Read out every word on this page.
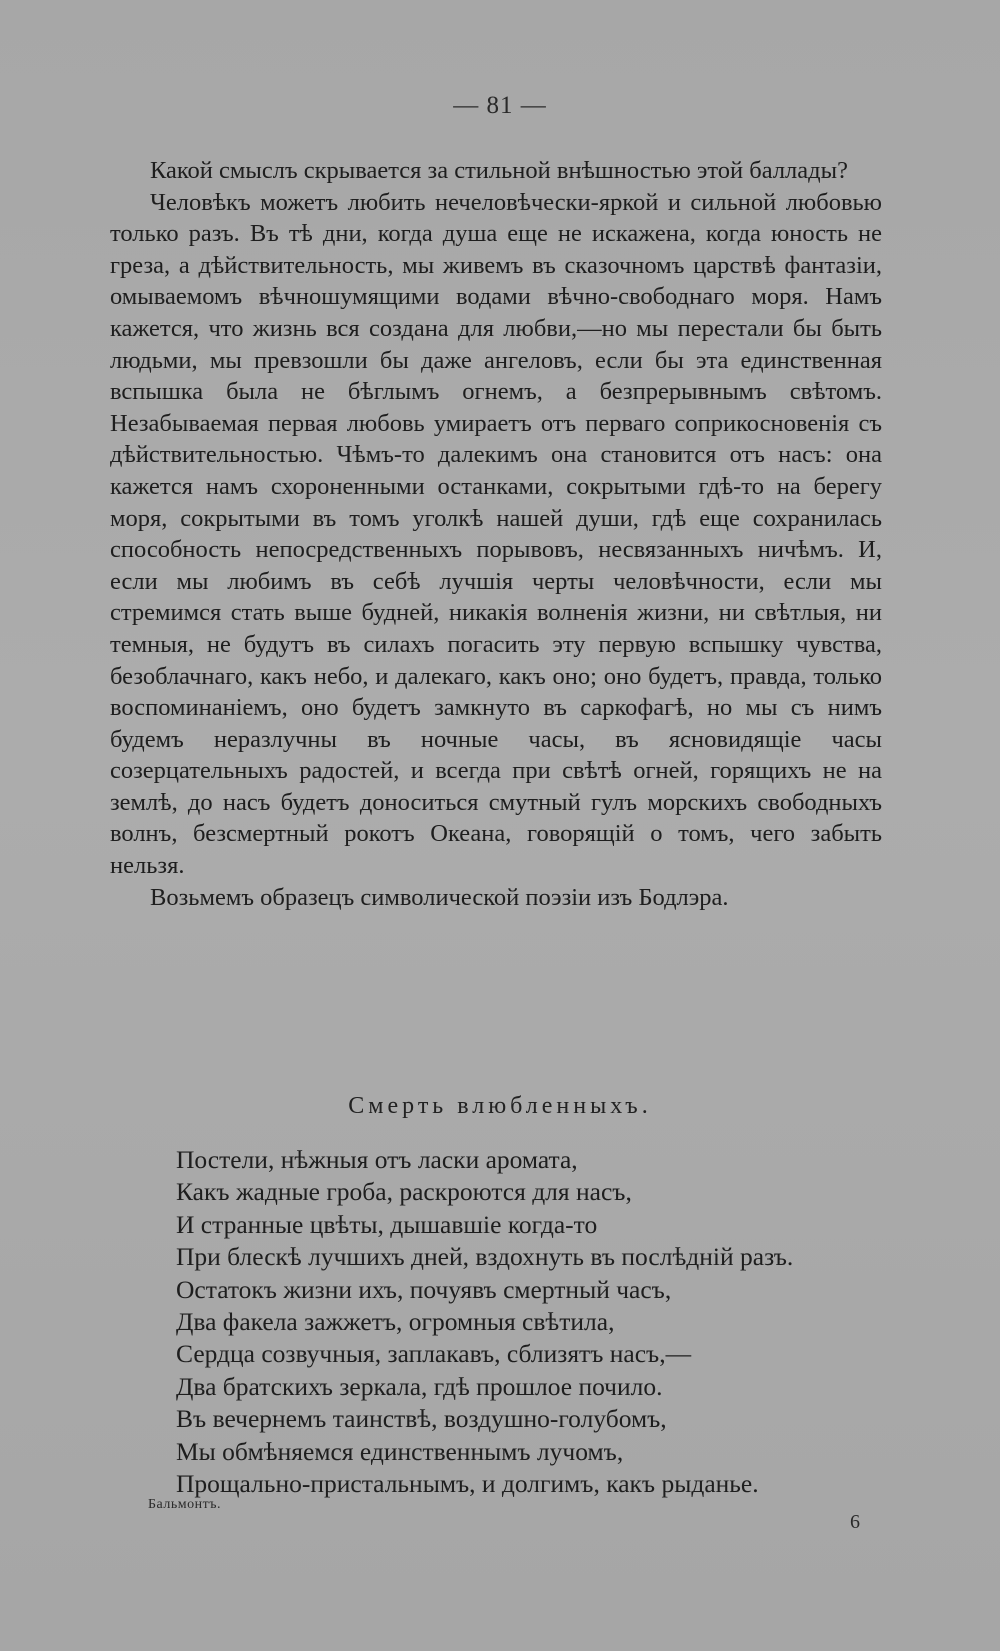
— 81 —

Какой смыслъ скрывается за стильной внѣшностью этой баллады?

Человѣкъ можетъ любить нечеловѣчески-яркой и сильной любовью только разъ. Въ тѣ дни, когда душа еще не искажена, когда юность не греза, а дѣйствительность, мы живемъ въ сказочномъ царствѣ фантазіи, омываемомъ вѣчношумящими водами вѣчно-свободнаго моря. Намъ кажется, что жизнь вся создана для любви,—но мы перестали бы быть людьми, мы превзошли бы даже ангеловъ, если бы эта единственная вспышка была не бѣглымъ огнемъ, а безпрерывнымъ свѣтомъ. Незабываемая первая любовь умираетъ отъ перваго соприкосновенія съ дѣйствительностью. Чѣмъ-то далекимъ она становится отъ насъ: она кажется намъ схороненными останками, сокрытыми гдѣ-то на берегу моря, сокрытыми въ томъ уголкѣ нашей души, гдѣ еще сохранилась способность непосредственныхъ порывовъ, несвязанныхъ ничѣмъ. И, если мы любимъ въ себѣ лучшія черты человѣчности, если мы стремимся стать выше будней, никакія волненія жизни, ни свѣтлыя, ни темныя, не будутъ въ силахъ погасить эту первую вспышку чувства, безоблачнаго, какъ небо, и далекаго, какъ оно; оно будетъ, правда, только воспоминаніемъ, оно будетъ замкнуто въ саркофагѣ, но мы съ нимъ будемъ неразлучны въ ночные часы, въ ясновидящіе часы созерцательныхъ радостей, и всегда при свѣтѣ огней, горящихъ не на землѣ, до насъ будетъ доноситься смутный гулъ морскихъ свободныхъ волнъ, безсмертный рокотъ Океана, говорящій о томъ, чего забыть нельзя.

Возьмемъ образецъ символической поэзіи изъ Бодлэра.

Смерть влюбленныхъ.
Постели, нѣжныя отъ ласки аромата,
Какъ жадные гроба, раскроются для насъ,
И странные цвѣты, дышавшіе когда-то
При блескѣ лучшихъ дней, вздохнуть въ послѣдній разъ.
Остатокъ жизни ихъ, почуявъ смертный часъ,
Два факела зажжетъ, огромныя свѣтила,
Сердца созвучныя, заплакавъ, сблизятъ насъ,—
Два братскихъ зеркала, гдѣ прошлое почило.
Въ вечернемъ таинствѣ, воздушно-голубомъ,
Мы обмѣняемся единственнымъ лучомъ,
Прощально-пристальнымъ, и долгимъ, какъ рыданье.
Бальмонтъ.
6
